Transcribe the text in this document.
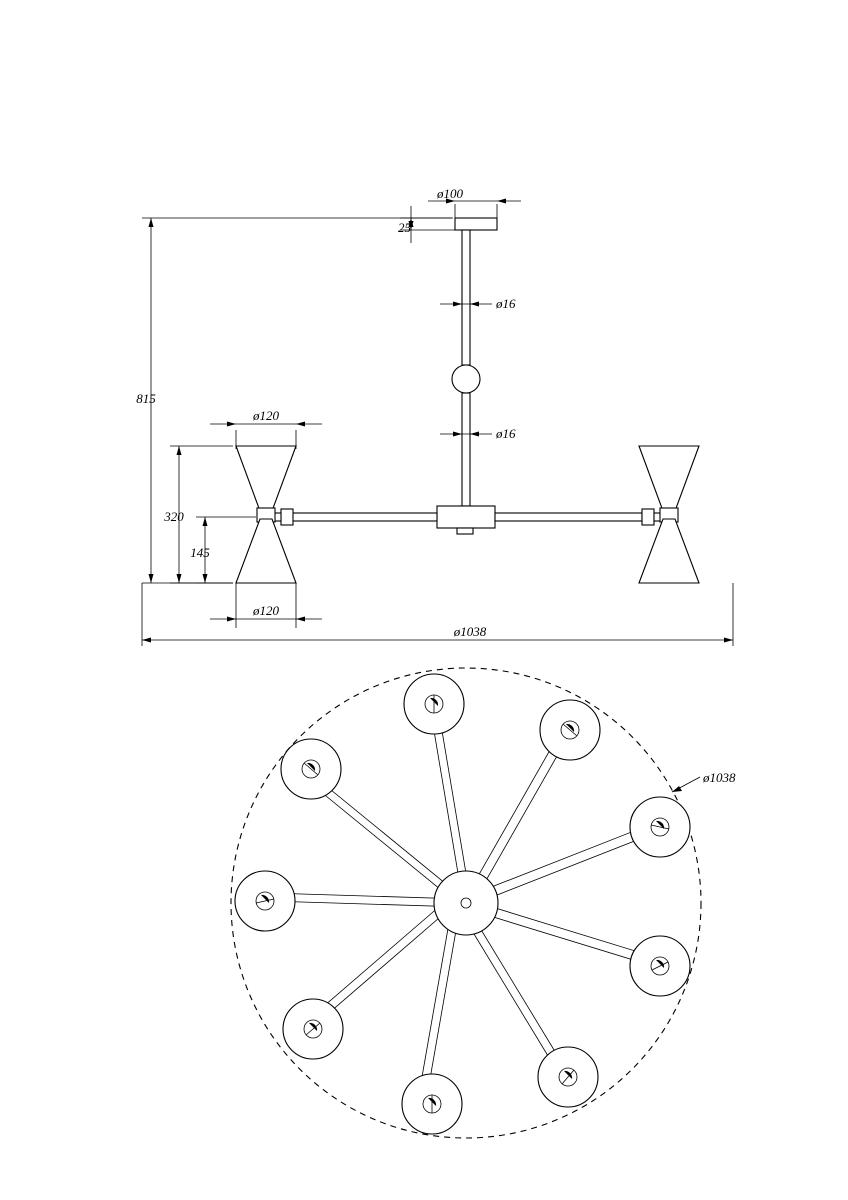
ø100
25
ø16
ø16
ø120
ø120
815
320
145
ø1038
ø1038
